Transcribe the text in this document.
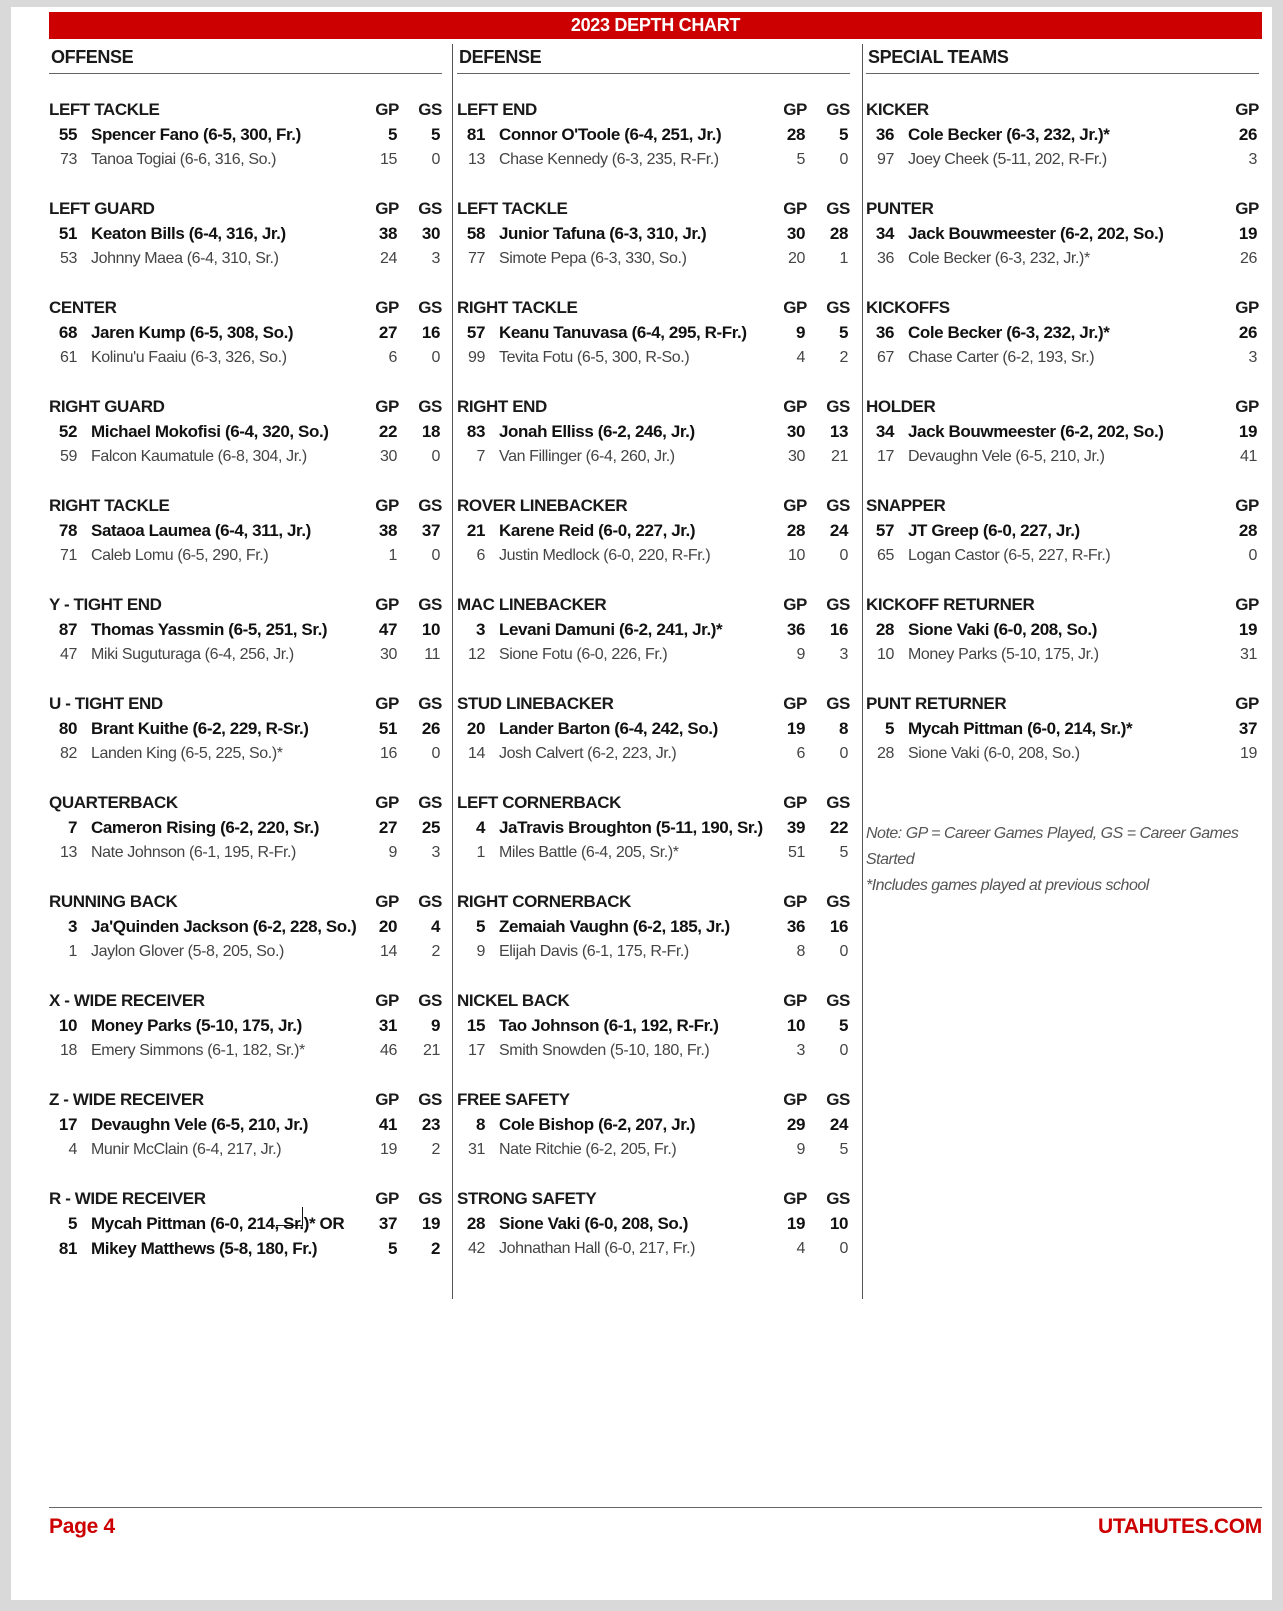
2023 DEPTH CHART
OFFENSE
LEFT TACKLE	GP GS
55 Spencer Fano (6-5, 300, Fr.)	5	5
73 Tanoa Togiai (6-6, 316, So.)	15	0
LEFT GUARD	GP GS
51 Keaton Bills (6-4, 316, Jr.)	38	30
53 Johnny Maea (6-4, 310, Sr.)	24	3
CENTER	GP GS
68 Jaren Kump (6-5, 308, So.)	27	16
61 Kolinu'u Faaiu (6-3, 326, So.)	6	0
RIGHT GUARD	GP GS
52 Michael Mokofisi (6-4, 320, So.)	22	18
59 Falcon Kaumatule (6-8, 304, Jr.)	30	0
RIGHT TACKLE	GP GS
78 Sataoa Laumea (6-4, 311, Jr.)	38	37
71 Caleb Lomu (6-5, 290, Fr.)	1	0
Y - TIGHT END	GP GS
87 Thomas Yassmin (6-5, 251, Sr.)	47	10
47 Miki Suguturaga (6-4, 256, Jr.)	30	11
U - TIGHT END	GP GS
80 Brant Kuithe (6-2, 229, R-Sr.)	51	26
82 Landen King (6-5, 225, So.)*	16	0
QUARTERBACK	GP GS
7 Cameron Rising (6-2, 220, Sr.)	27	25
13 Nate Johnson (6-1, 195, R-Fr.)	9	3
RUNNING BACK	GP GS
3 Ja'Quinden Jackson (6-2, 228, So.)	20	4
1 Jaylon Glover (5-8, 205, So.)	14	2
X - WIDE RECEIVER	GP GS
10 Money Parks (5-10, 175, Jr.)	31	9
18 Emery Simmons (6-1, 182, Sr.)*	46	21
Z - WIDE RECEIVER	GP GS
17 Devaughn Vele (6-5, 210, Jr.)	41	23
4 Munir McClain (6-4, 217, Jr.)	19	2
R - WIDE RECEIVER	GP GS
5 Mycah Pittman (6-0, 214, Sr.)* OR	37	19
81 Mikey Matthews (5-8, 180, Fr.)	5	2
DEFENSE
LEFT END	GP GS
81 Connor O'Toole (6-4, 251, Jr.)	28	5
13 Chase Kennedy (6-3, 235, R-Fr.)	5	0
LEFT TACKLE	GP GS
58 Junior Tafuna (6-3, 310, Jr.)	30	28
77 Simote Pepa (6-3, 330, So.)	20	1
RIGHT TACKLE	GP GS
57 Keanu Tanuvasa (6-4, 295, R-Fr.)	9	5
99 Tevita Fotu (6-5, 300, R-So.)	4	2
RIGHT END	GP GS
83 Jonah Elliss (6-2, 246, Jr.)	30	13
7 Van Fillinger (6-4, 260, Jr.)	30	21
ROVER LINEBACKER	GP GS
21 Karene Reid (6-0, 227, Jr.)	28	24
6 Justin Medlock (6-0, 220, R-Fr.)	10	0
MAC LINEBACKER	GP GS
3 Levani Damuni (6-2, 241, Jr.)*	36	16
12 Sione Fotu (6-0, 226, Fr.)	9	3
STUD LINEBACKER	GP GS
20 Lander Barton (6-4, 242, So.)	19	8
14 Josh Calvert (6-2, 223, Jr.)	6	0
LEFT CORNERBACK	GP GS
4 JaTravis Broughton (5-11, 190, Sr.)	39	22
1 Miles Battle (6-4, 205, Sr.)*	51	5
RIGHT CORNERBACK	GP GS
5 Zemaiah Vaughn (6-2, 185, Jr.)	36	16
9 Elijah Davis (6-1, 175, R-Fr.)	8	0
NICKEL BACK	GP GS
15 Tao Johnson (6-1, 192, R-Fr.)	10	5
17 Smith Snowden (5-10, 180, Fr.)	3	0
FREE SAFETY	GP GS
8 Cole Bishop (6-2, 207, Jr.)	29	24
31 Nate Ritchie (6-2, 205, Fr.)	9	5
STRONG SAFETY	GP GS
28 Sione Vaki (6-0, 208, So.)	19	10
42 Johnathan Hall (6-0, 217, Fr.)	4	0
SPECIAL TEAMS
Note: GP = Career Games Played, GS = Career Games Started
*Includes games played at previous school
KICKER	GP
36 Cole Becker (6-3, 232, Jr.)*	26
97 Joey Cheek (5-11, 202, R-Fr.)	3
PUNTER	GP
34 Jack Bouwmeester (6-2, 202, So.)	19
36 Cole Becker (6-3, 232, Jr.)*	26
KICKOFFS	GP
36 Cole Becker (6-3, 232, Jr.)*	26
67 Chase Carter (6-2, 193, Sr.)	3
HOLDER	GP
34 Jack Bouwmeester (6-2, 202, So.)	19
17 Devaughn Vele (6-5, 210, Jr.)	41
SNAPPER	GP
57 JT Greep (6-0, 227, Jr.)	28
65 Logan Castor (6-5, 227, R-Fr.)	0
KICKOFF RETURNER	GP
28 Sione Vaki (6-0, 208, So.)	19
10 Money Parks (5-10, 175, Jr.)	31
PUNT RETURNER	GP
5 Mycah Pittman (6-0, 214, Sr.)*	37
28 Sione Vaki (6-0, 208, So.)	19
Page 4	UTAHUTES.COM
